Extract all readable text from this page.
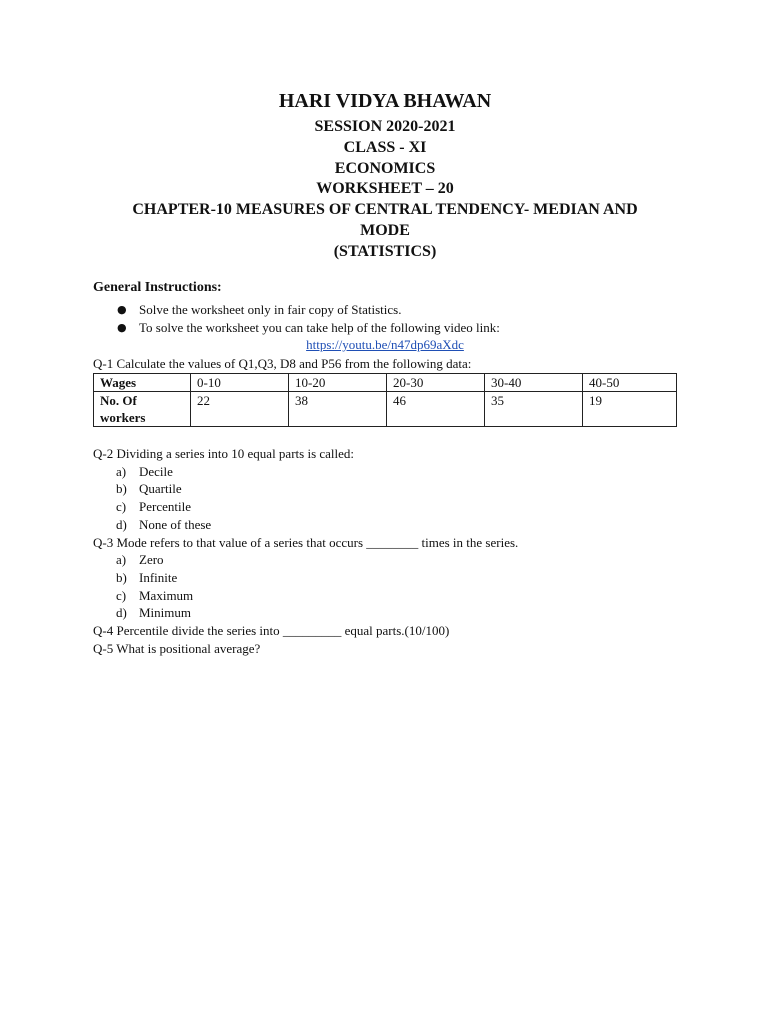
HARI VIDYA BHAWAN
SESSION 2020-2021
CLASS - XI
ECONOMICS
WORKSHEET – 20
CHAPTER-10 MEASURES OF CENTRAL TENDENCY- MEDIAN AND
MODE
(STATISTICS)
General Instructions:
● Solve the worksheet only in fair copy of Statistics.
● To solve the worksheet you can take help of the following video link:
https://youtu.be/n47dp69aXdc
Q-1 Calculate the values of Q1,Q3, D8 and P56 from the following data:
Wages	0-10	10-20	20-30	30-40	40-50
No. Of
workers	22	38	46	35	19

Q-2 Dividing a series into 10 equal parts is called:

a) Decile

b) Quartile

c) Percentile

d) None of these

Q-3 Mode refers to that value of a series that occurs ________ times in the series.

a) Zero

b) Infinite

c) Maximum

d) Minimum

Q-4 Percentile divide the series into _________ equal parts.(10/100)

Q-5 What is positional average?
